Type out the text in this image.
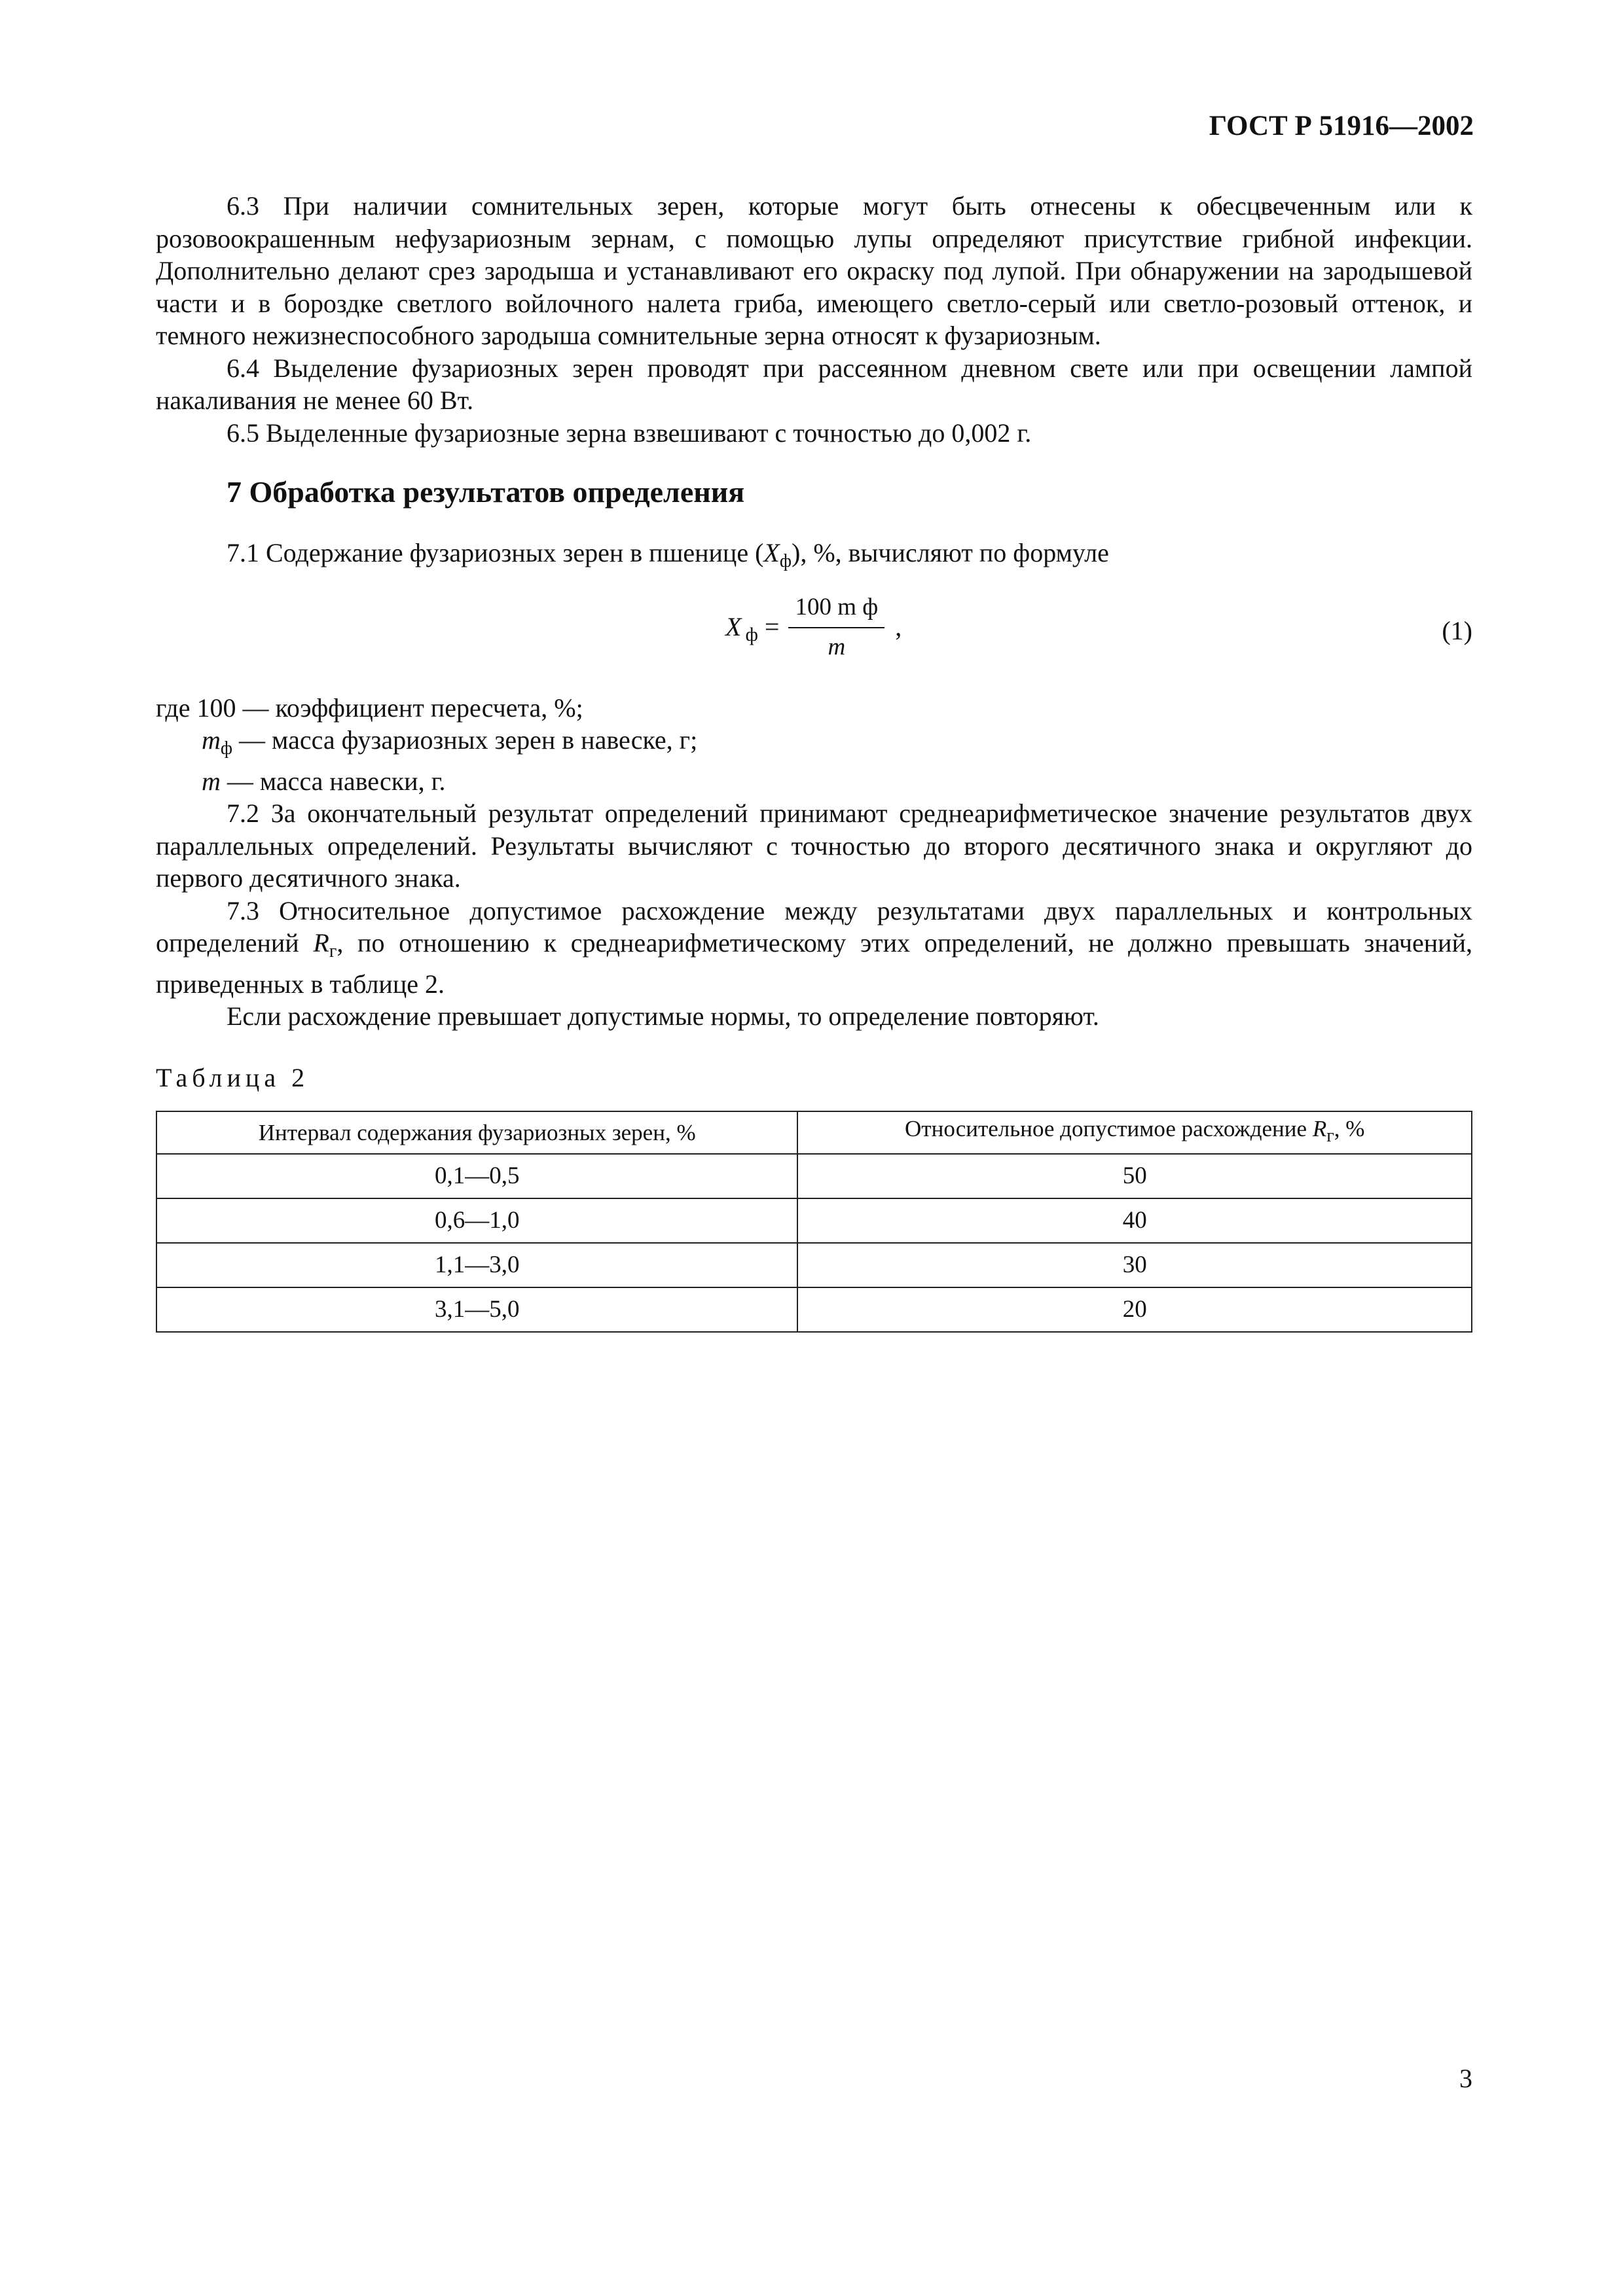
ГОСТ Р 51916—2002

6.3 При наличии сомнительных зерен, которые могут быть отнесены к обесцвеченным или к розовоокрашенным нефузариозным зернам, с помощью лупы определяют присутствие грибной инфекции. Дополнительно делают срез зародыша и устанавливают его окраску под лупой. При обнаружении на зародышевой части и в бороздке светлого войлочного налета гриба, имеющего светло-серый или светло-розовый оттенок, и темного нежизнеспособного зародыша сомнительные зерна относят к фузариозным.

6.4 Выделение фузариозных зерен проводят при рассеянном дневном свете или при освещении лампой накаливания не менее 60 Вт.

6.5 Выделенные фузариозные зерна взвешивают с точностью до 0,002 г.

7 Обработка результатов определения

7.1 Содержание фузариозных зерен в пшенице $(X_ф)$, %, вычисляют по формуле

X $ф = \frac{\text{100 m ф}}{m}$ ,	(1)

где 100 — коэффициент пересчета, %;

$m_ф$ — масса фузариозных зерен в навеске, г;

m — масса навески, г.

7.2 За окончательный результат определений принимают среднеарифметическое значение результатов двух параллельных определений. Результаты вычисляют с точностью до второго десятичного знака и округляют до первого десятичного знака.

7.3 Относительное допустимое расхождение между результатами двух параллельных и контрольных определений $R_г$, по отношению к среднеарифметическому этих определений, не должно превышать значений, приведенных в таблице 2.

Если расхождение превышает допустимые нормы, то определение повторяют.

Таблица 2

Интервал содержания фузариозных зерен, %	Относительное допустимое расхождение $R_г$, %
0,1—0,5	50
0,6—1,0	40
1,1—3,0	30
3,1—5,0	20
3
